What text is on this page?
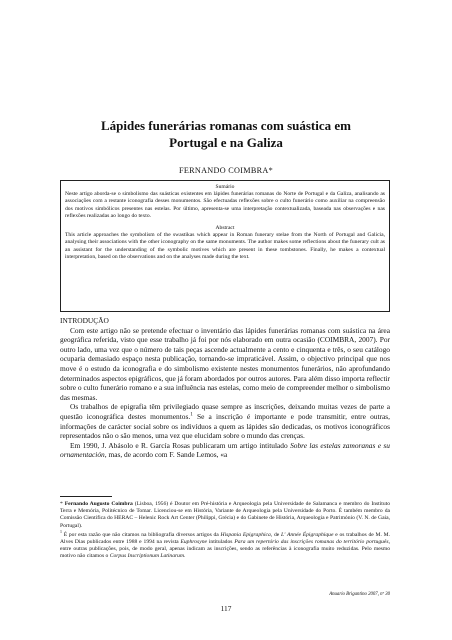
Lápides funerárias romanas com suástica em
Portugal e na Galiza
FERNANDO COIMBRA*

Sumário

Neste artigo aborda-se o simbolismo das suásticas existentes em lápides funerárias romanas do Norte de Portugal e da Galiza, analisando as associações com a restante iconografia desses monumentos. São efectuadas reflexões sobre o culto funerário como auxiliar na compreensão dos motivos simbólicos presentes nas estelas. Por último, apresenta-se uma interpretação contextualizada, baseada nas observações e nas reflexões realizadas ao longo do texto.

Abstract

This article approaches the symbolism of the swastikas which appear in Roman funerary stelae from the North of Portugal and Galicia, analysing their associations with the other iconography on the same monuments. The author makes some reflections about the funerary cult as an assistant for the understanding of the symbolic motives which are present in these tombstones. Finally, he makes a contextual interpretation, based on the observations and on the analyses made during the text.

INTRODUÇÃO

Com este artigo não se pretende efectuar o inventário das lápides funerárias romanas com suástica na área geográfica referida, visto que esse trabalho já foi por nós elaborado em outra ocasião (COIMBRA, 2007). Por outro lado, uma vez que o número de tais peças ascende actualmente a cento e cinquenta e três, o seu catálogo ocuparia demasiado espaço nesta publicação, tornando-se impraticável. Assim, o objectivo principal que nos move é o estudo da iconografia e do simbolismo existente nestes monumentos funerários, não aprofundando determinados aspectos epigráficos, que já foram abordados por outros autores. Para além disso importa reflectir sobre o culto funerário romano e a sua influência nas estelas, como meio de compreender melhor o simbolismo das mesmas.

Os trabalhos de epigrafia têm privilegiado quase sempre as inscrições, deixando muitas vezes de parte a questão iconográfica destes monumentos.$^1$ Se a inscrição é importante e pode transmitir, entre outras, informações de carácter social sobre os indivíduos a quem as lápides são dedicadas, os motivos iconográficos representados não o são menos, uma vez que elucidam sobre o mundo das crenças.

Em 1990, J. Abásolo e R. García Rosas publicaram um artigo intitulado Sobre las estelas zamoranas e su ornamentación, mas, de acordo com F. Sande Lemos, «a

* Fernando Augusto Coimbra (Lisboa, 1956) é Doutor em Pré-história e Arqueologia pela Universidade de Salamanca e membro do Instituto Terra e Memória, Politécnico de Tomar. Licenciou-se em História, Variante de Arqueologia pela Universidade do Porto. É também membro da Comissão Científica do HERAC – Helenic Rock Art Center (Philippi, Grécia) e do Gabinete de História, Arqueologia e Património (V. N. de Gaia, Portugal).

$^1$ É por esta razão que não citamos na bibliografia diversos artigos da Hispania Epigraphica, de L' Année Épigraphique e os trabalhos de M. M. Alves Dias publicados entre 1988 e 1994 na revista Euphrosyne intitulados Para um repertório das inscrições romanas do território português, entre outras publicações, pois, de modo geral, apenas indicam as inscrições, sendo as referências à iconografia muito reduzidas. Pelo mesmo motivo não citamos o Corpus Inscriptionum Latinarum.

Anuario Brigantino 2007, nº 30
117
